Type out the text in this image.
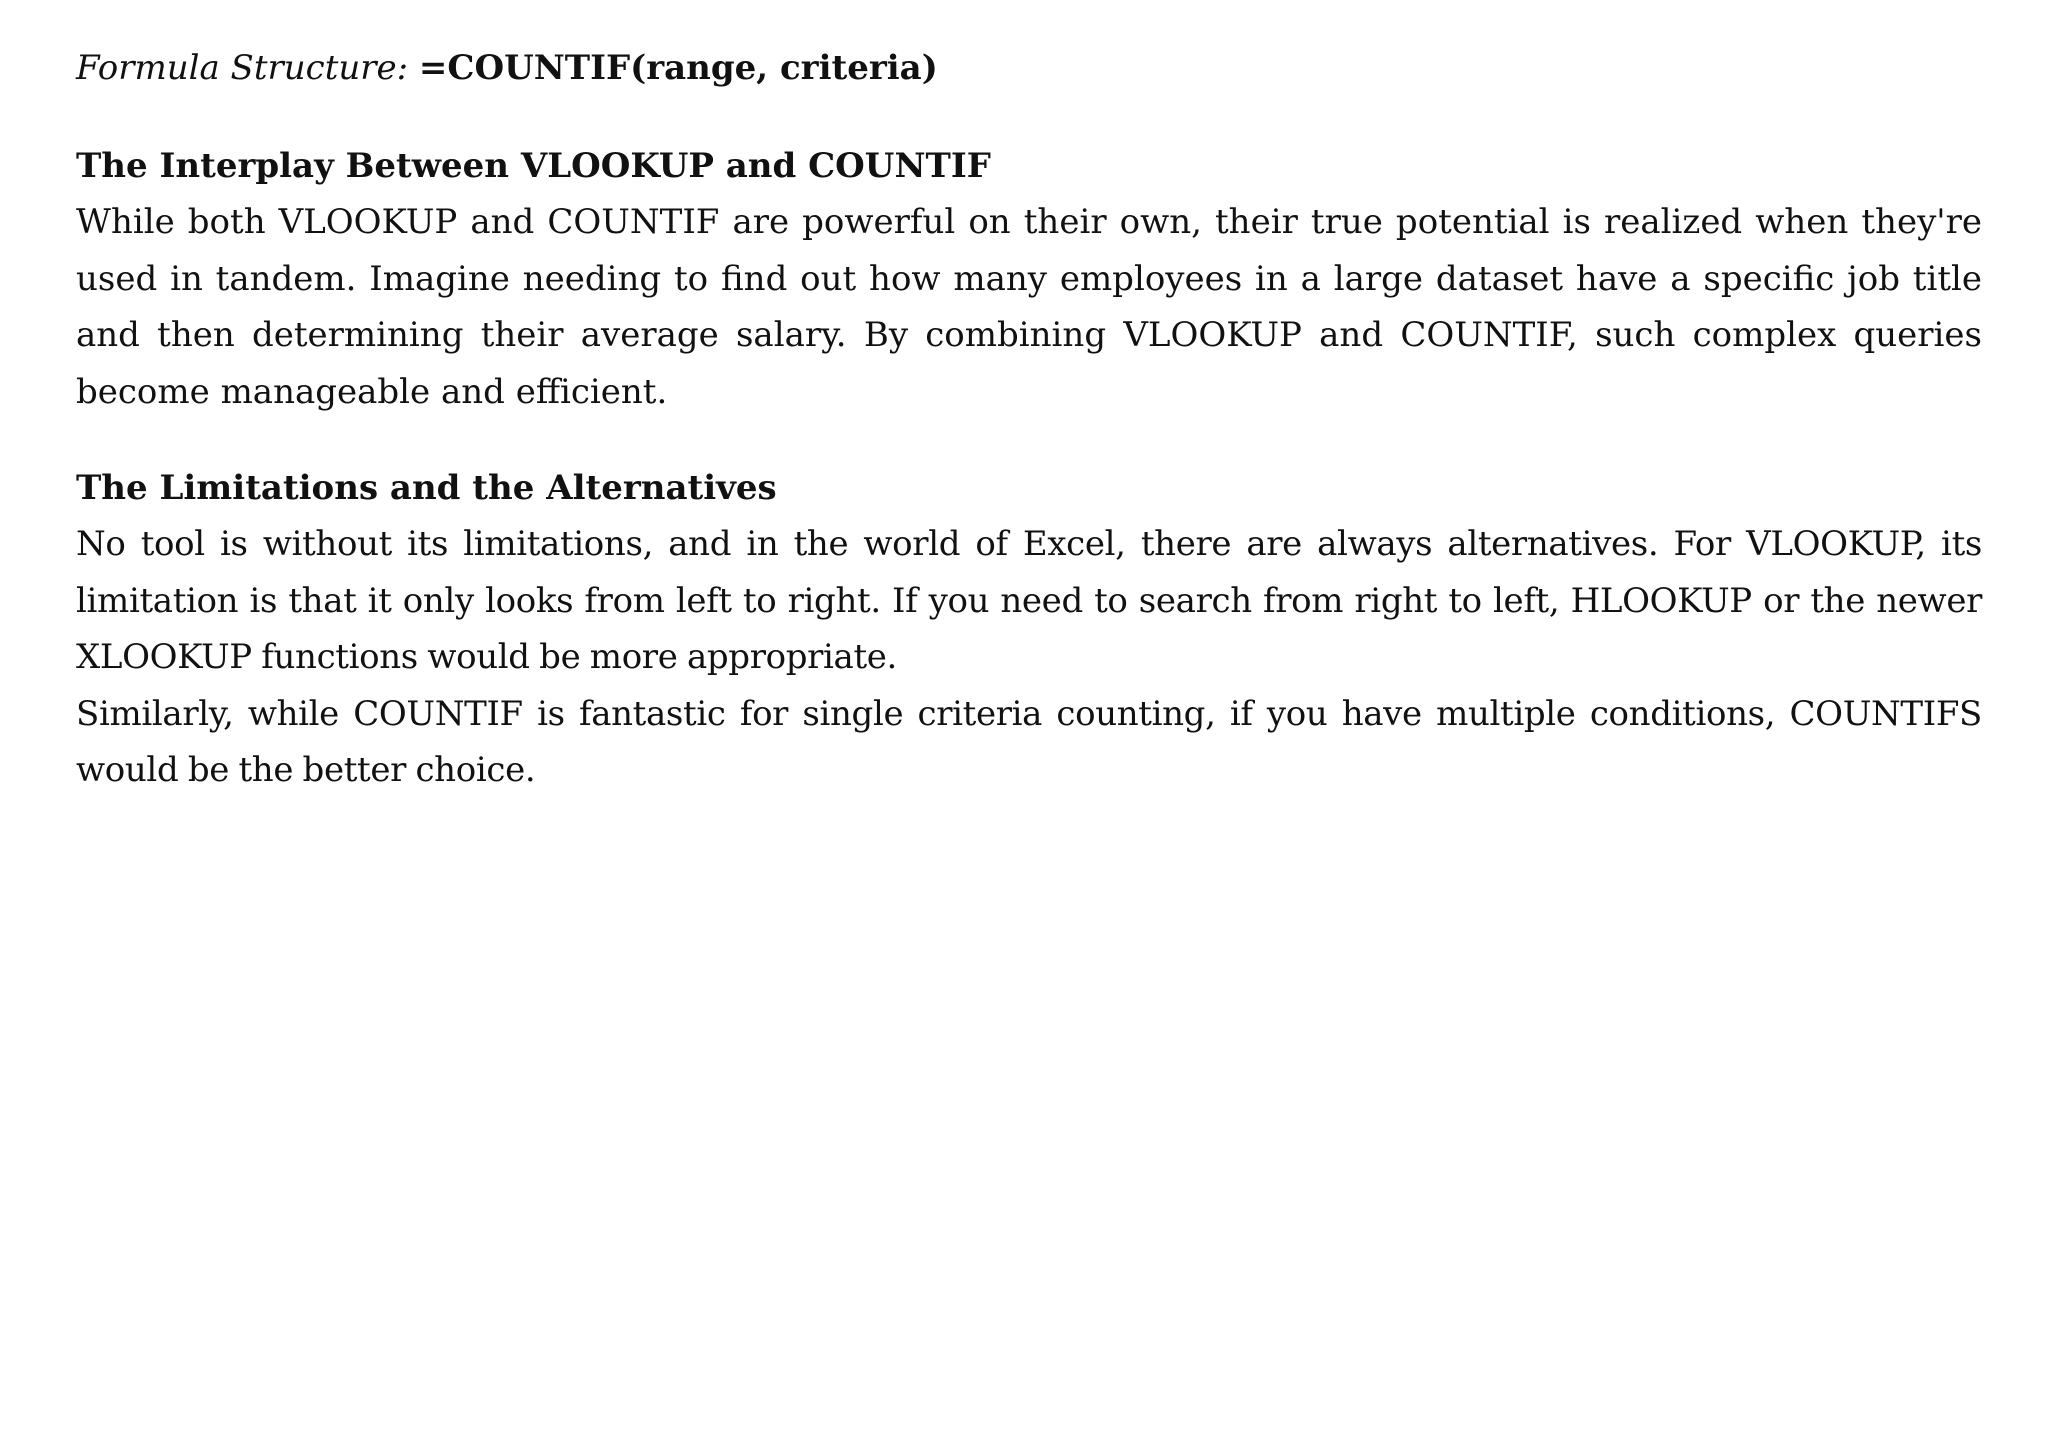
Formula Structure: =COUNTIF(range, criteria)

The Interplay Between VLOOKUP and COUNTIF

While both VLOOKUP and COUNTIF are powerful on their own, their true potential is realized when they're used in tandem. Imagine needing to find out how many employees in a large dataset have a specific job title and then determining their average salary. By combining VLOOKUP and COUNTIF, such complex queries become manageable and efficient.

The Limitations and the Alternatives

No tool is without its limitations, and in the world of Excel, there are always alternatives. For VLOOKUP, its limitation is that it only looks from left to right. If you need to search from right to left, HLOOKUP or the newer XLOOKUP functions would be more appropriate.

Similarly, while COUNTIF is fantastic for single criteria counting, if you have multiple conditions, COUNTIFS would be the better choice.
